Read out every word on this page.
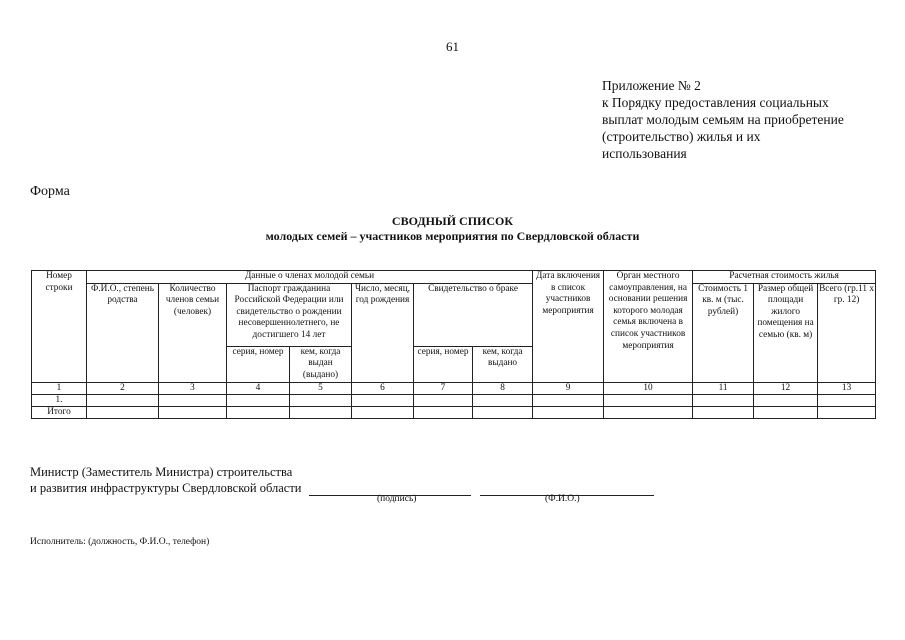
61
Приложение № 2
к Порядку предоставления социальных
выплат молодым семьям на приобретение
(строительство) жилья и их
использования
Форма
СВОДНЫЙ СПИСОК
молодых семей – участников мероприятия по Свердловской области
Номер строки	Данные о членах молодой семьи							Дата включения в список участников мероприятия	Орган местного самоуправления, на основании решения которого молодая семья включена в список участников мероприятия	Расчетная стоимость жилья		
	Ф.И.О., степень родства	Количество членов семьи (человек)	Паспорт гражданина Российской Федерации или свидетельство о рождении несовершеннолетнего, не достигшего 14 лет		Число, месяц, год рождения	Свидетельство о браке				Стоимость 1 кв. м (тыс. рублей)	Размер общей площади жилого помещения на семью (кв. м)	Всего (гр.11 х гр. 12)
			серия, номер	кем, когда выдан (выдано)		серия, номер	кем, когда выдано					
1	2	3	4	5	6	7	8	9	10	11	12	13
1.												
Итого												
Министр (Заместитель Министра) строительства
и развития инфраструктуры Свердловской области
(подпись)	(Ф.И.О.)
Исполнитель: (должность, Ф.И.О., телефон)
